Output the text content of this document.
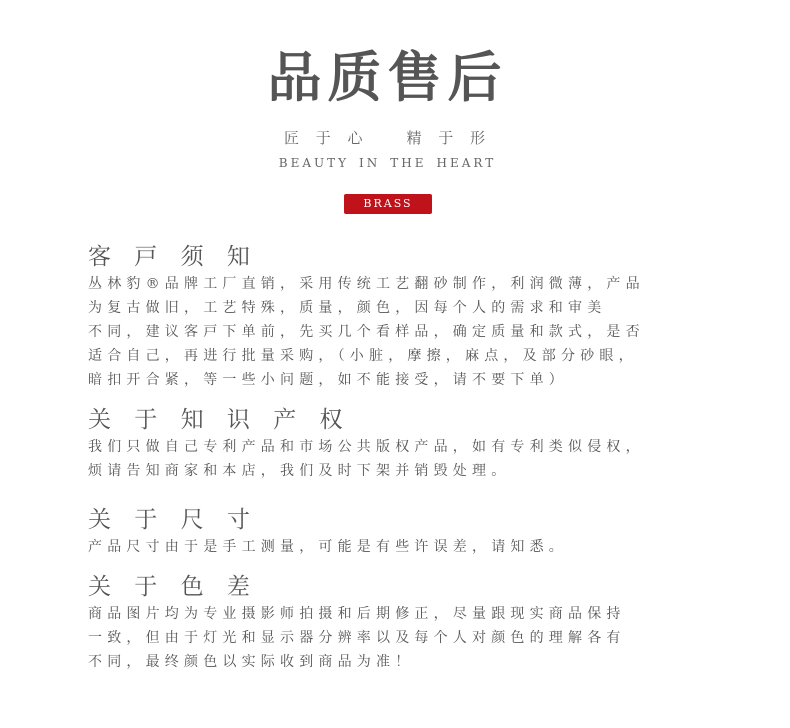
品质售后
匠 于 心	精 于 形
BEAUTY IN THE HEART
BRASS
客 戸 须 知
丛林豹®品牌工厂直销，采用传统工艺翻砂制作，利润微薄，产品
为复古做旧，工艺特殊，质量，颜色，因每个人的需求和审美
不同，建议客戸下单前，先买几个看样品，确定质量和款式，是否
适合自己，再进行批量采购，（小脏，摩擦，麻点，及部分砂眼，
暗扣开合紧，等一些小问题，如不能接受，请不要下单）
关 于 知 识 产 权
我们只做自己专利产品和市场公共版权产品，如有专利类似侵权，
烦请告知商家和本店，我们及时下架并销毁处理。
关 于 尺 寸
产品尺寸由于是手工测量，可能是有些许误差，请知悉。
关 于 色 差
商品图片均为专业摄影师拍摄和后期修正，尽量跟现实商品保持
一致，但由于灯光和显示器分辨率以及每个人对颜色的理解各有
不同，最终颜色以实际收到商品为准！
